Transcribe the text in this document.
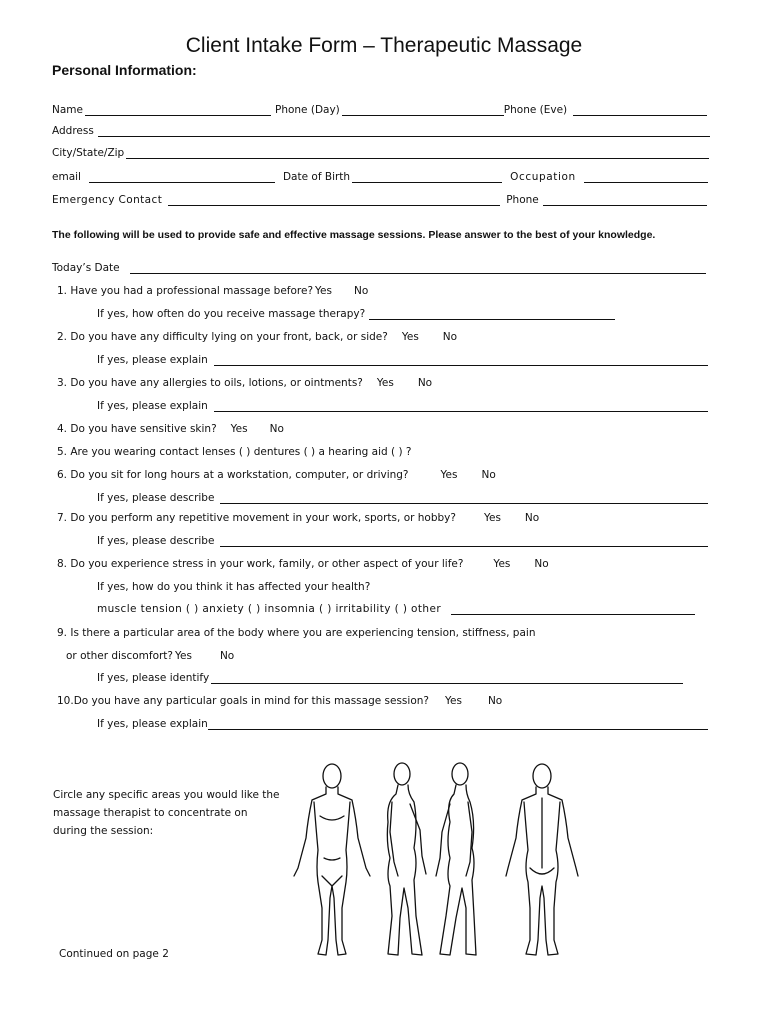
Client Intake Form – Therapeutic Massage
Personal Information:
Name	Phone (Day)	Phone (Eve)
Address
City/State/Zip
email	Date of Birth	Occupation
Emergency Contact	Phone
The following will be used to provide safe and effective massage sessions. Please answer to the best of your knowledge.
Today’s Date
1. Have you had a professional massage before? Yes No
If yes, how often do you receive massage therapy?
2. Do you have any difficulty lying on your front, back, or side? Yes No
If yes, please explain
3. Do you have any allergies to oils, lotions, or ointments? Yes No
If yes, please explain
4. Do you have sensitive skin? Yes No
5. Are you wearing contact lenses ( ) dentures ( ) a hearing aid ( ) ?
6. Do you sit for long hours at a workstation, computer, or driving?	Yes No
If yes, please describe
7. Do you perform any repetitive movement in your work, sports, or hobby?	Yes No
If yes, please describe
8. Do you experience stress in your work, family, or other aspect of your life?	Yes No
If yes, how do you think it has affected your health?
muscle tension ( ) anxiety ( ) insomnia ( ) irritability ( ) other
9. Is there a particular area of the body where you are experiencing tension, stiffness, pain
or other discomfort? Yes	No
If yes, please identify
10.Do you have any particular goals in mind for this massage session? Yes No
If yes, please explain
Circle any specific areas you would like the massage therapist to concentrate on during the session:
Continued on page 2
